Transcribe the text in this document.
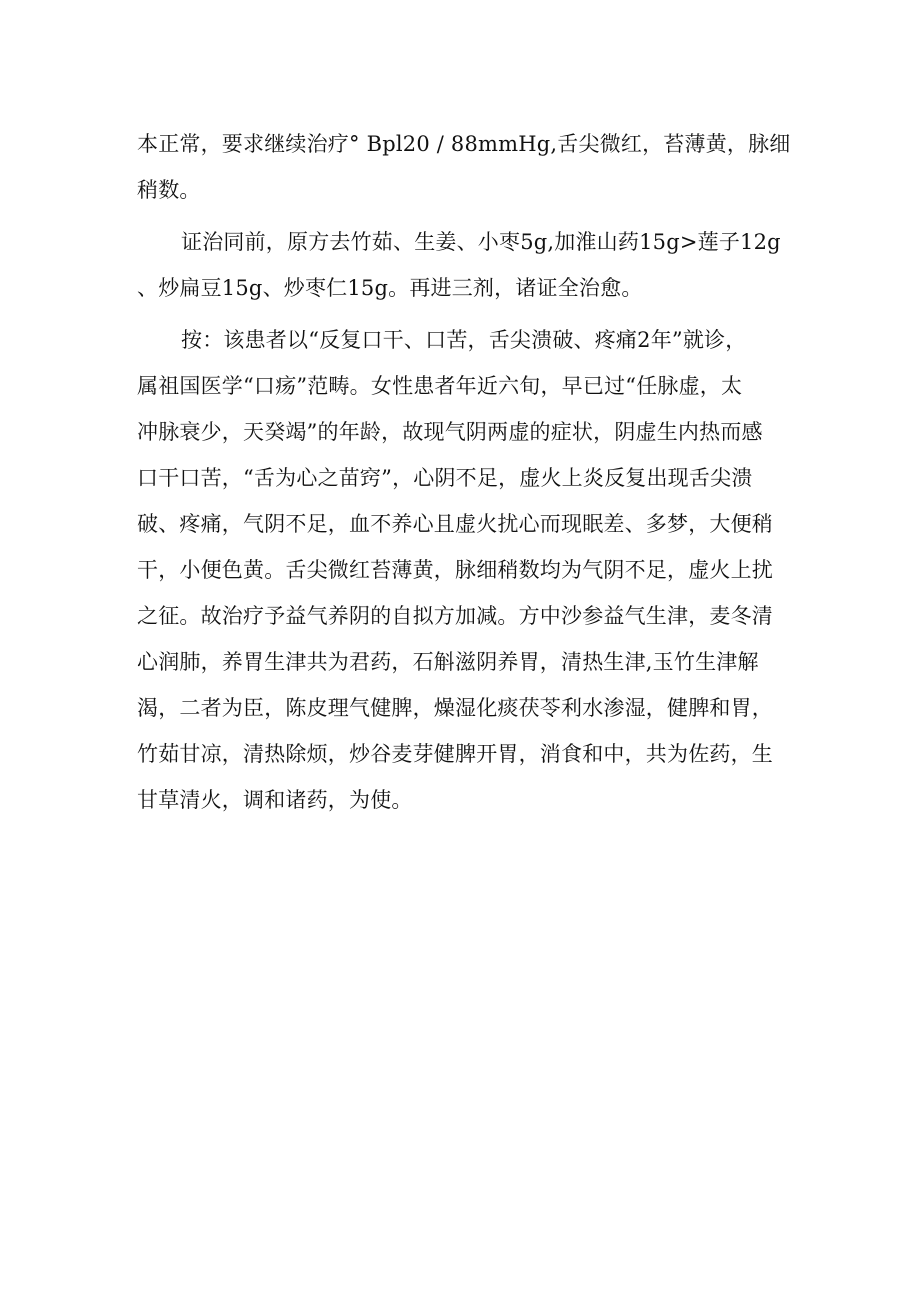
本正常，要求继续治疗° Bpl20 / 88mmHg,舌尖微红，苔薄黄，脉细
稍数。
证治同前，原方去竹茹、生姜、小枣5g,加淮山药15g>莲子12g
、炒扁豆15g、炒枣仁15g。再进三剂，诸证全治愈。
按：该患者以“反复口干、口苦，舌尖溃破、疼痛2年”就诊，
属祖国医学“口疡”范畴。女性患者年近六旬，早已过“任脉虚，太
冲脉衰少，天癸竭”的年龄，故现气阴两虚的症状，阴虚生内热而感
口干口苦，“舌为心之苗窍”，心阴不足，虚火上炎反复出现舌尖溃
破、疼痛，气阴不足，血不养心且虚火扰心而现眠差、多梦，大便稍
干，小便色黄。舌尖微红苔薄黄，脉细稍数均为气阴不足，虚火上扰
之征。故治疗予益气养阴的自拟方加减。方中沙参益气生津，麦冬清
心润肺，养胃生津共为君药，石斛滋阴养胃，清热生津,玉竹生津解
渴，二者为臣，陈皮理气健脾，燥湿化痰茯苓利水渗湿，健脾和胃，
竹茹甘凉，清热除烦，炒谷麦芽健脾开胃，消食和中，共为佐药，生
甘草清火，调和诸药，为使。
